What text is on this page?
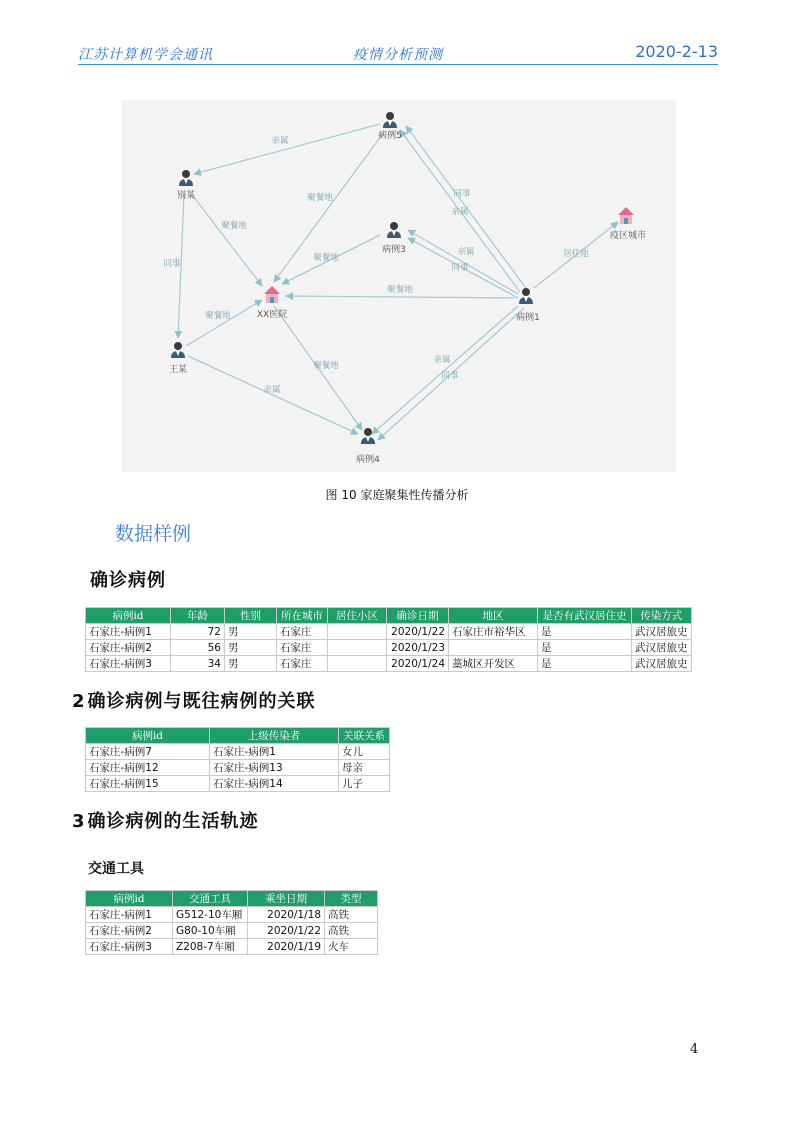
江苏计算机学会通讯	疫情分析预测	2020-2-13
亲属
聚餐地
同事
聚餐地	同事
亲属
聚餐地
亲属
同事
居住地
聚餐地
聚餐地
亲属
聚餐地
亲属
同事
病例5
别某
病例3
疫区城市
XX医院	病例1
王某
病例4
图 10 家庭聚集性传播分析
数据样例
确诊病例
病例id	年龄	性别	所在城市	居住小区	确诊日期	地区	是否有武汉居住史	传染方式
石家庄-病例1	72	男	石家庄		2020/1/22	石家庄市裕华区	是	武汉居旅史
石家庄-病例2	56	男	石家庄		2020/1/23		是	武汉居旅史
石家庄-病例3	34	男	石家庄		2020/1/24	藁城区开发区	是	武汉居旅史
2 确诊病例与既往病例的关联
病例id	上级传染者	关联关系
石家庄-病例7	石家庄-病例1	女儿
石家庄-病例12	石家庄-病例13	母亲
石家庄-病例15	石家庄-病例14	儿子
3 确诊病例的生活轨迹
交通工具
病例id	交通工具	乘坐日期	类型
石家庄-病例1	G512-10车厢	2020/1/18	高铁
石家庄-病例2	G80-10车厢	2020/1/22	高铁
石家庄-病例3	Z208-7车厢	2020/1/19	火车
4
